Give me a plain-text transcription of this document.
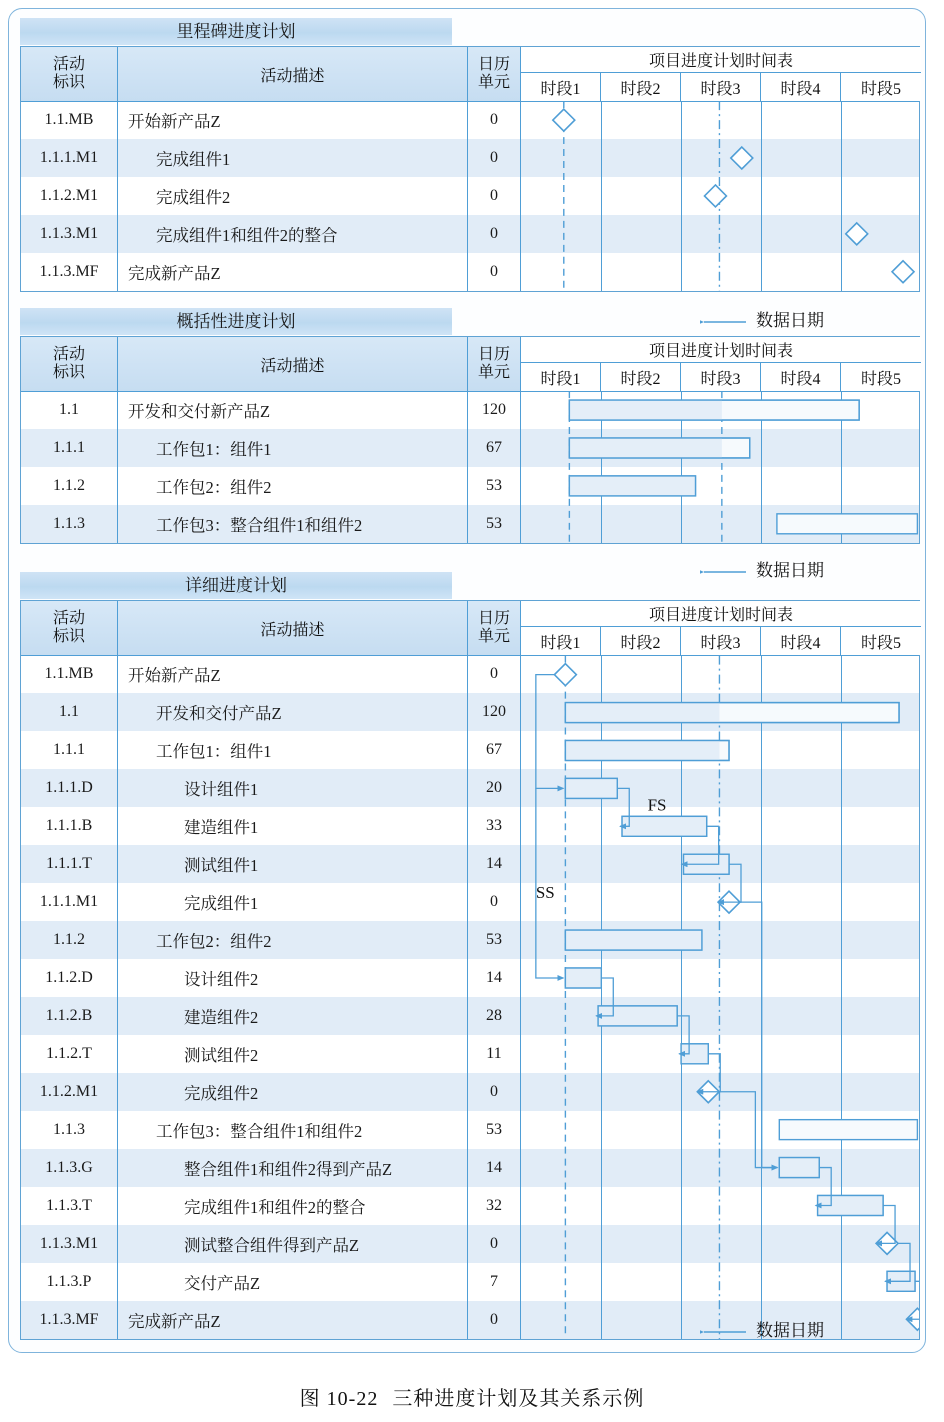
里程碑进度计划
活动
标识	活动描述
日历
单元
项目进度计划时间表
时段1	时段2	时段3	时段4	时段5
1.1.MB	开始新产品Z	0
1.1.1.M1	完成组件1	0
1.1.2.M1	完成组件2	0
1.1.3.M1	完成组件1和组件2的整合	0
1.1.3.MF	完成新产品Z	0
概括性进度计划
活动
标识	活动描述
日历
单元
项目进度计划时间表
时段1	时段2	时段3	时段4	时段5
1.1	开发和交付新产品Z	120
1.1.1	工作包1：组件1	67
1.1.2	工作包2：组件2	53
1.1.3	工作包3：整合组件1和组件2	53
详细进度计划
活动
标识	活动描述
日历
单元
项目进度计划时间表
时段1	时段2	时段3	时段4	时段5
1.1.MB	开始新产品Z	0
1.1	开发和交付产品Z	120
1.1.1	工作包1：组件1	67
1.1.1.D	设计组件1	20
1.1.1.B	建造组件1	33
1.1.1.T	测试组件1	14
1.1.1.M1	完成组件1	0
1.1.2	工作包2：组件2	53
1.1.2.D	设计组件2	14
1.1.2.B	建造组件2	28
1.1.2.T	测试组件2	11
1.1.2.M1	完成组件2	0
1.1.3	工作包3：整合组件1和组件2	53
1.1.3.G	整合组件1和组件2得到产品Z	14
1.1.3.T	完成组件1和组件2的整合	32
1.1.3.M1	测试整合组件得到产品Z	0
1.1.3.P	交付产品Z	7
1.1.3.MF	完成新产品Z	0
FS
SS
数据日期
数据日期
数据日期
图 10-22 三种进度计划及其关系示例
